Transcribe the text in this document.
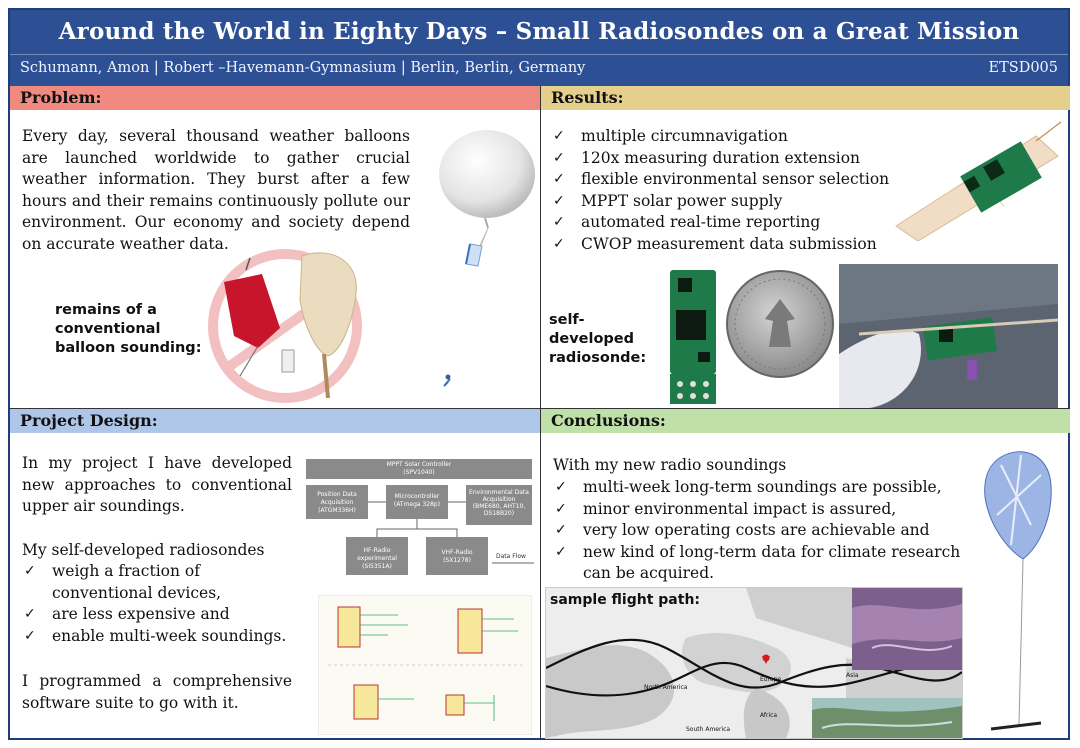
Around the World in Eighty Days – Small Radiosondes on a Great Mission
Schumann, Amon | Robert –Havemann-Gymnasium | Berlin, Berlin, Germany	ETSD005
Problem:
Every day, several thousand weather balloons are launched worldwide to gather crucial weather information. They burst after a few hours and their remains continuously pollute our environment. Our economy and society depend on accurate weather data.
remains of a
conventional
balloon sounding:
Results:
✓ multiple circumnavigation
✓ 120x measuring duration extension
✓ flexible environmental sensor selection
✓ MPPT solar power supply
✓ automated real-time reporting
✓ CWOP measurement data submission
self-developed
radiosonde:
Project Design:
In my project I have developed new approaches to conventional upper air soundings.
My self-developed radiosondes
✓ weigh a fraction of conventional devices,
✓ are less expensive and
✓ enable multi-week soundings.
I programmed a comprehensive software suite to go with it.
MPPT Solar Controller
(SPV1040)
Position Data Acquisition
(ATGM336H)
Microcontroller
(ATmega 328p)
Environmental Data Acquisition
(BME680, AHT10, DS18B20)
HF-Radio experimental
(SI5351A)
VHF-Radio
(SX1278)
Data Flow
Conclusions:
With my new radio soundings
✓ multi-week long-term soundings are possible,
✓ minor environmental impact is assured,
✓ very low operating costs are achievable and
✓ new kind of long-term data for climate research can be acquired.
sample flight path:
North America
Europe
Asia
Africa
South America
